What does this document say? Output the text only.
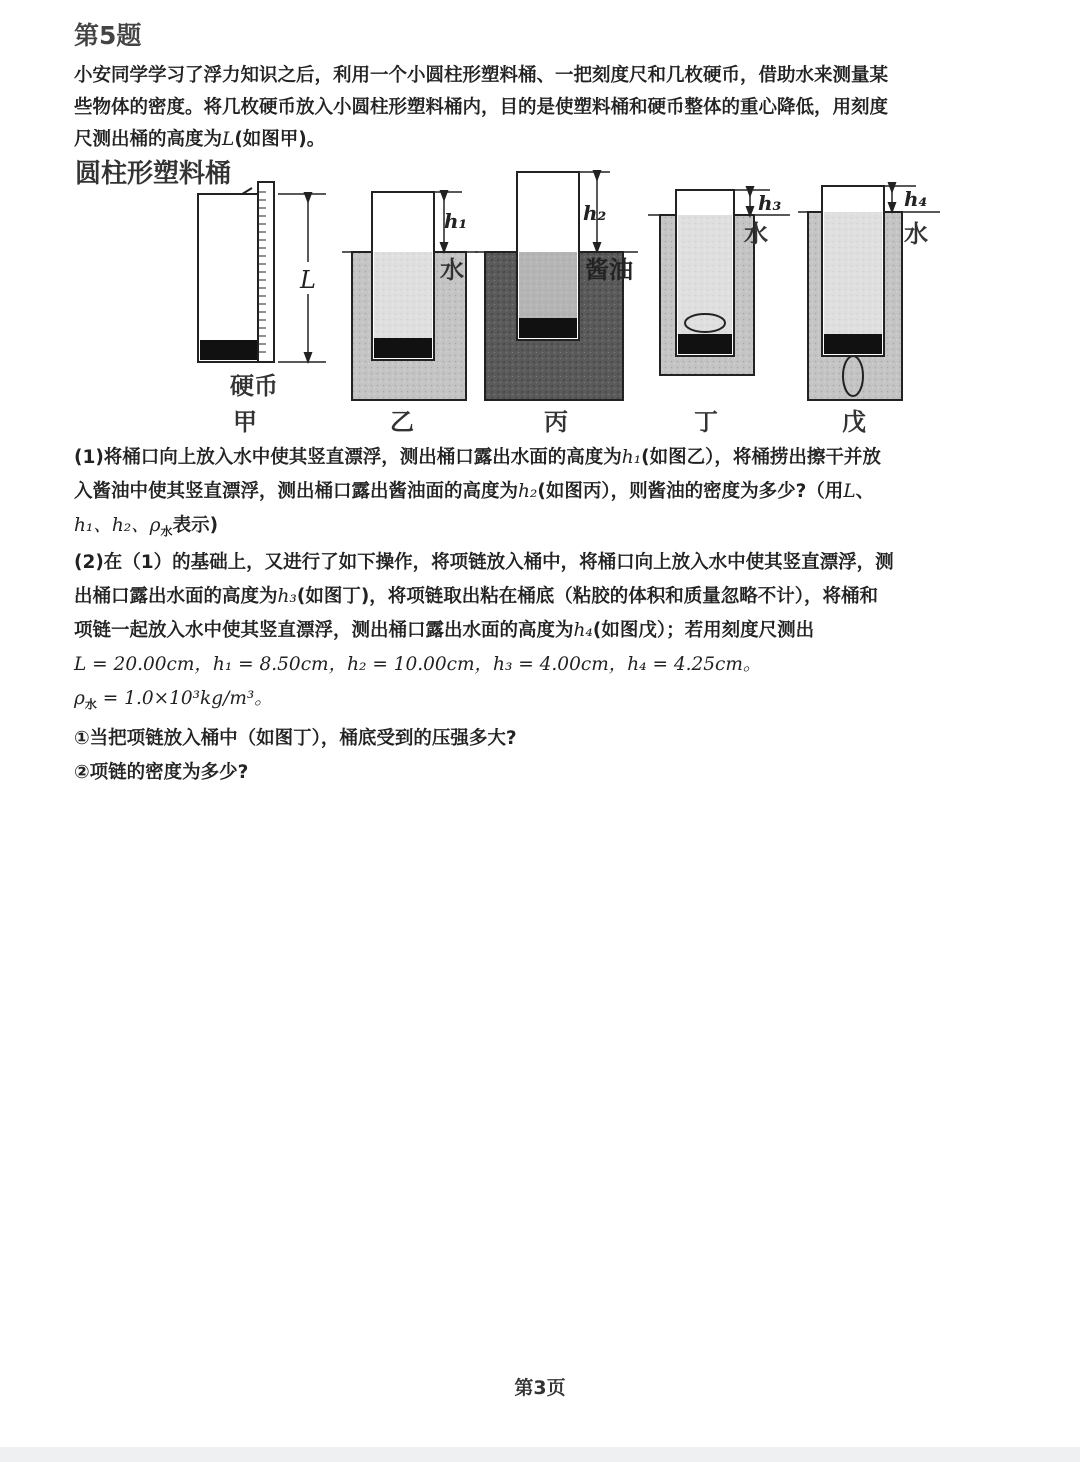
第5题
小安同学学习了浮力知识之后，利用一个小圆柱形塑料桶、一把刻度尺和几枚硬币，借助水来测量某
些物体的密度。将几枚硬币放入小圆柱形塑料桶内，目的是使塑料桶和硬币整体的重心降低，用刻度
尺测出桶的高度为L(如图甲)。
圆柱形塑料桶
L
硬币
甲
h₁
水
乙
h₂
酱油
丙
h₃
水
丁
h₄
水
戊
(1)将桶口向上放入水中使其竖直漂浮，测出桶口露出水面的高度为h₁(如图乙），将桶捞出擦干并放
入酱油中使其竖直漂浮，测出桶口露出酱油面的高度为h₂(如图丙），则酱油的密度为多少?（用L、
h₁、h₂、$\rho_水$表示)
(2)在（1）的基础上，又进行了如下操作，将项链放入桶中，将桶口向上放入水中使其竖直漂浮，测
出桶口露出水面的高度为h₃(如图丁)，将项链取出粘在桶底（粘胶的体积和质量忽略不计），将桶和
项链一起放入水中使其竖直漂浮，测出桶口露出水面的高度为h₄(如图戊）；若用刻度尺测出
L = 20.00cm，h₁ = 8.50cm，h₂ = 10.00cm，h₃ = 4.00cm，h₄ = 4.25cm。
$\rho_水 = 1.0\times 10^3kg/m^3$。
①当把项链放入桶中（如图丁），桶底受到的压强多大?
②项链的密度为多少?
第3页
